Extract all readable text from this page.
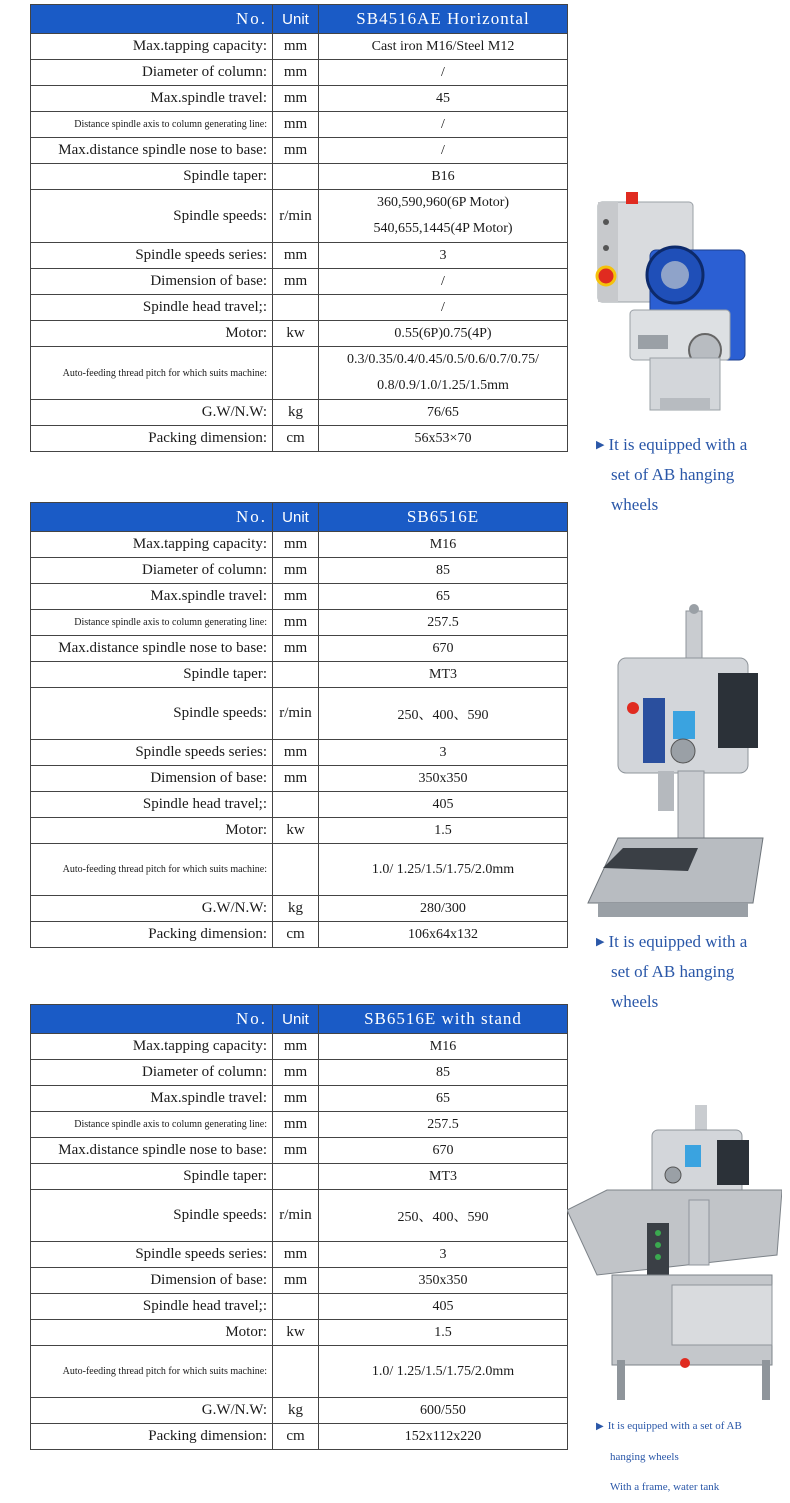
No.	Unit	SB4516AE Horizontal
Max.tapping capacity:	mm	Cast iron M16/Steel M12
Diameter of column:	mm	/
Max.spindle travel:	mm	45
Distance spindle axis to column generating line:	mm	/
Max.distance spindle nose to base:	mm	/
Spindle taper:		B16
Spindle speeds:	r/min	360,590,960(6P Motor)
540,655,1445(4P Motor)

Spindle speeds series:	mm	3
Dimension of base:	mm	/
Spindle head travel;:		/
Motor:	kw	0.55(6P)0.75(4P)
Auto-feeding thread pitch for which suits machine:		0.3/0.35/0.4/0.45/0.5/0.6/0.7/0.75/
0.8/0.9/1.0/1.25/1.5mm

G.W/N.W:	kg	76/65
Packing dimension:	cm	56x53×70
No.	Unit	SB6516E
Max.tapping capacity:	mm	M16
Diameter of column:	mm	85
Max.spindle travel:	mm	65
Distance spindle axis to column generating line:	mm	257.5
Max.distance spindle nose to base:	mm	670
Spindle taper:		MT3
Spindle speeds:	r/min	250、400、590
Spindle speeds series:	mm	3
Dimension of base:	mm	350x350
Spindle head travel;:		405
Motor:	kw	1.5
Auto-feeding thread pitch for which suits machine:		1.0/ 1.25/1.5/1.75/2.0mm
G.W/N.W:	kg	280/300
Packing dimension:	cm	106x64x132
No.	Unit	SB6516E with stand
Max.tapping capacity:	mm	M16
Diameter of column:	mm	85
Max.spindle travel:	mm	65
Distance spindle axis to column generating line:	mm	257.5
Max.distance spindle nose to base:	mm	670
Spindle taper:		MT3
Spindle speeds:	r/min	250、400、590
Spindle speeds series:	mm	3
Dimension of base:	mm	350x350
Spindle head travel;:		405
Motor:	kw	1.5
Auto-feeding thread pitch for which suits machine:		1.0/ 1.25/1.5/1.75/2.0mm
G.W/N.W:	kg	600/550
Packing dimension:	cm	152x112x220
▶ It is equipped with a
set of AB hanging
wheels
▶ It is equipped with a
set of AB hanging
wheels
▶ It is equipped with a set of AB
hanging wheels
With a frame, water tank
